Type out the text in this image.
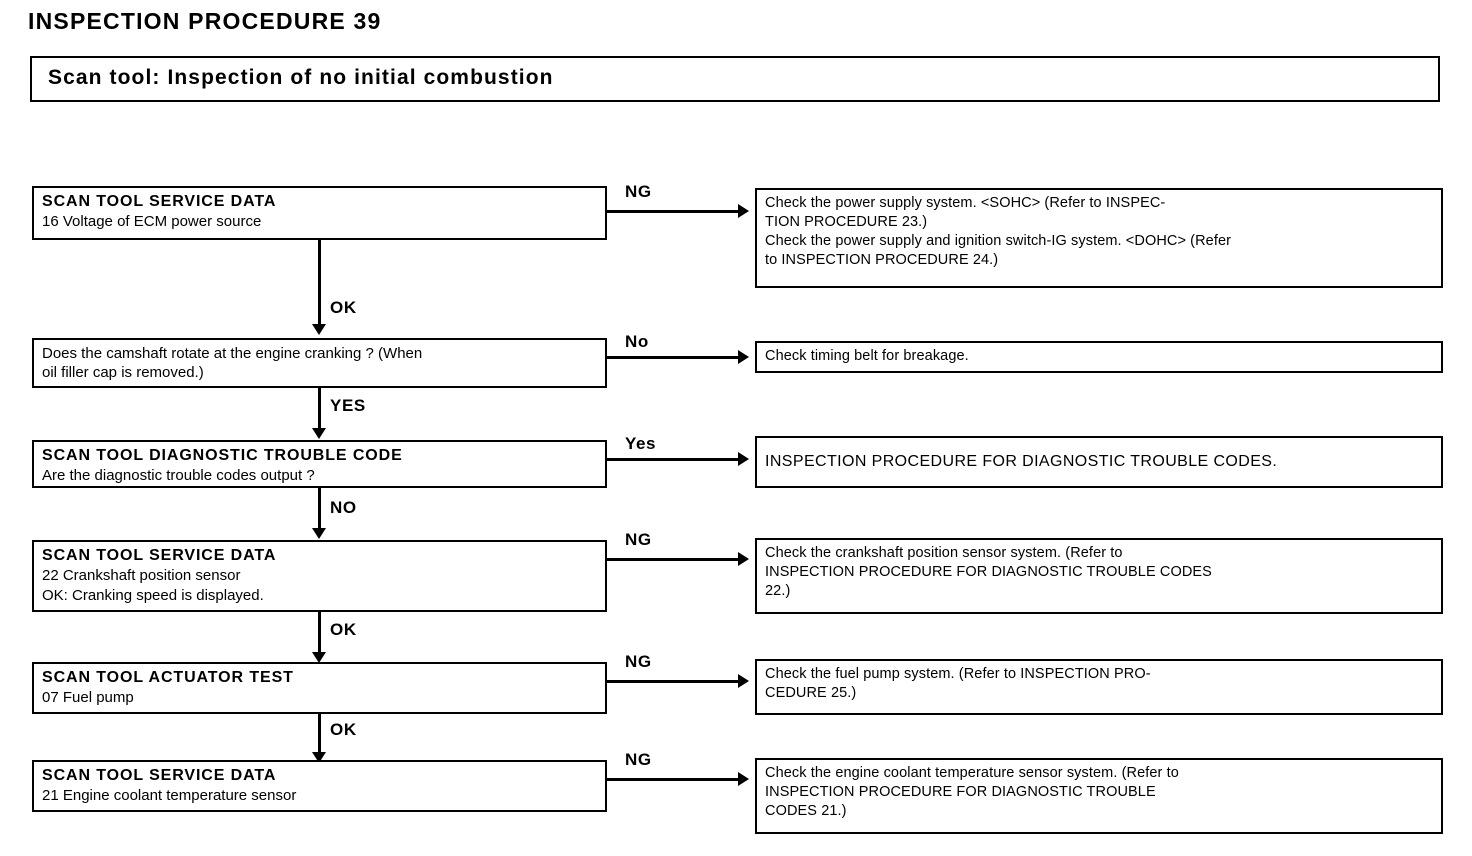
INSPECTION PROCEDURE 39
Scan tool: Inspection of no initial combustion
SCAN TOOL SERVICE DATA
16 Voltage of ECM power source
NG
Check the power supply system. <SOHC> (Refer to INSPEC-
TION PROCEDURE 23.)
Check the power supply and ignition switch-IG system. <DOHC> (Refer
to INSPECTION PROCEDURE 24.)
OK
Does the camshaft rotate at the engine cranking ? (When
oil filler cap is removed.)
No
Check timing belt for breakage.
YES
SCAN TOOL DIAGNOSTIC TROUBLE CODE
Are the diagnostic trouble codes output ?
Yes
INSPECTION PROCEDURE FOR DIAGNOSTIC TROUBLE CODES.
NO
SCAN TOOL SERVICE DATA
22 Crankshaft position sensor
OK: Cranking speed is displayed.
NG
Check the crankshaft position sensor system. (Refer to
INSPECTION PROCEDURE FOR DIAGNOSTIC TROUBLE CODES
22.)
OK
SCAN TOOL ACTUATOR TEST
07 Fuel pump
NG
Check the fuel pump system. (Refer to INSPECTION PRO-
CEDURE 25.)
OK
SCAN TOOL SERVICE DATA
21 Engine coolant temperature sensor
NG
Check the engine coolant temperature sensor system. (Refer to
INSPECTION PROCEDURE FOR DIAGNOSTIC TROUBLE
CODES 21.)
